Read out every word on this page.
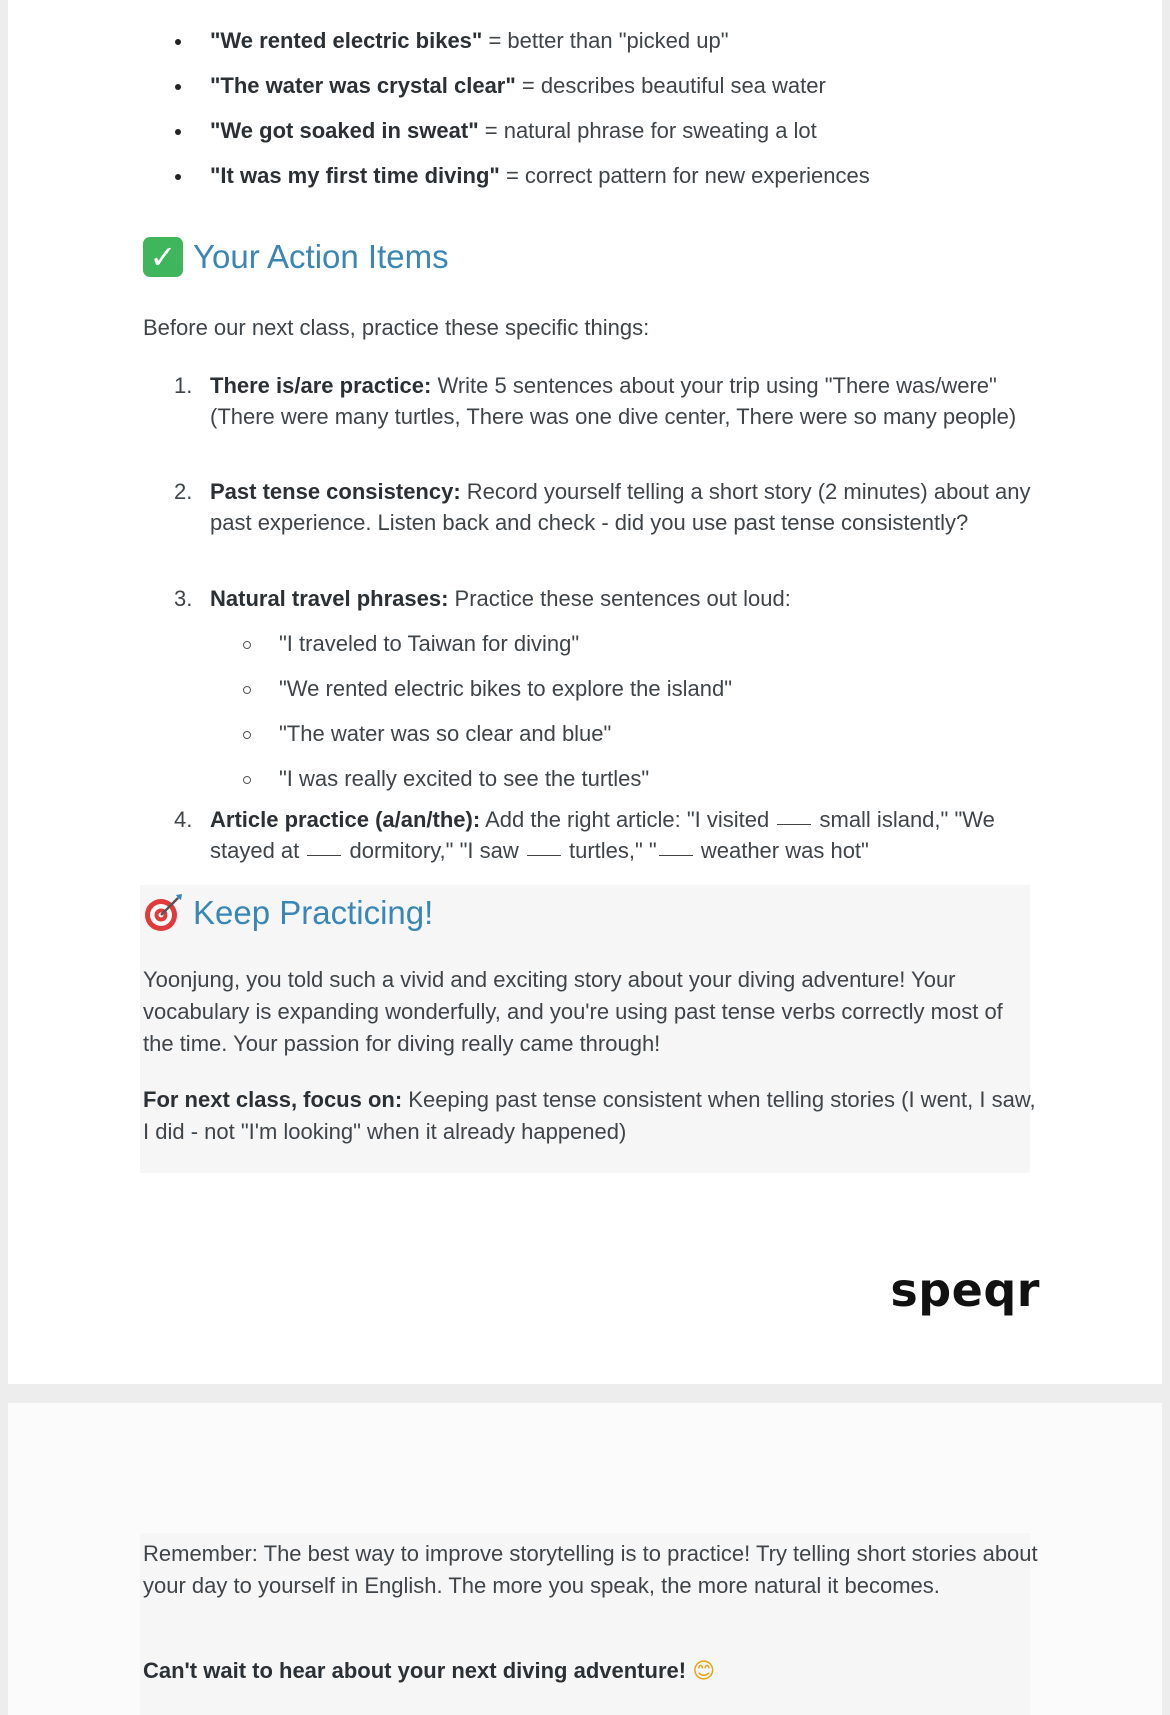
"We rented electric bikes" = better than "picked up"
"The water was crystal clear" = describes beautiful sea water
"We got soaked in sweat" = natural phrase for sweating a lot
"It was my first time diving" = correct pattern for new experiences
✓ Your Action Items
Before our next class, practice these specific things:
1. There is/are practice: Write 5 sentences about your trip using "There was/were" (There were many turtles, There was one dive center, There were so many people)
2. Past tense consistency: Record yourself telling a short story (2 minutes) about any past experience. Listen back and check - did you use past tense consistently?
3. Natural travel phrases: Practice these sentences out loud:
"I traveled to Taiwan for diving"
"We rented electric bikes to explore the island"
"The water was so clear and blue"
"I was really excited to see the turtles"
4. Article practice (a/an/the): Add the right article: "I visited  small island," "We stayed at  dormitory," "I saw  turtles," " weather was hot"
Keep Practicing!
Yoonjung, you told such a vivid and exciting story about your diving adventure! Your vocabulary is expanding wonderfully, and you're using past tense verbs correctly most of the time. Your passion for diving really came through!
For next class, focus on: Keeping past tense consistent when telling stories (I went, I saw, I did - not "I'm looking" when it already happened)
speqr
Remember: The best way to improve storytelling is to practice! Try telling short stories about your day to yourself in English. The more you speak, the more natural it becomes.
Can't wait to hear about your next diving adventure! 😊
